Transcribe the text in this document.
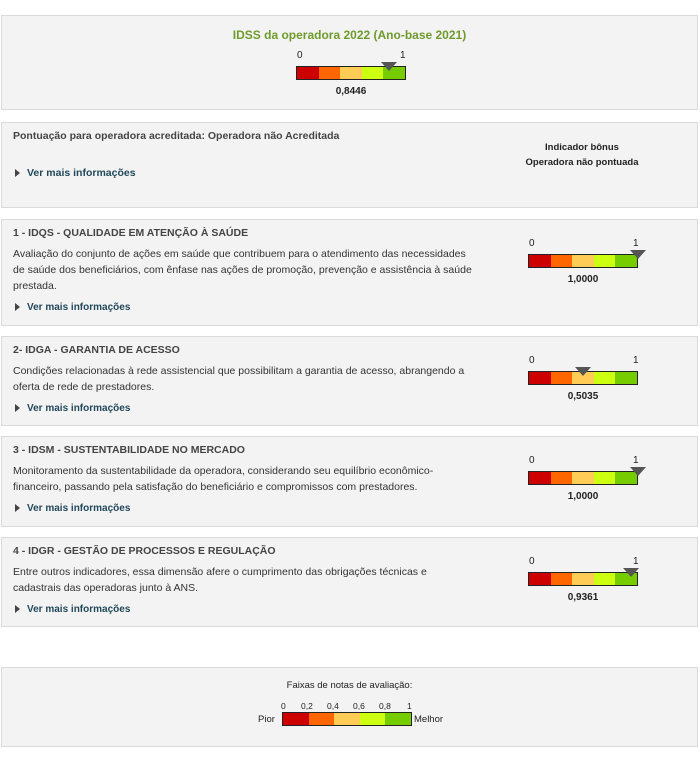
IDSS da operadora 2022 (Ano-base 2021)
0	1
0,8446
Pontuação para operadora acreditada: Operadora não Acreditada
Ver mais informações
Indicador bônus
Operadora não pontuada
1 - IDQS - QUALIDADE EM ATENÇÃO À SAÚDE
Avaliação do conjunto de ações em saúde que contribuem para o atendimento das necessidades de saúde dos beneficiários, com ênfase nas ações de promoção, prevenção e assistência à saúde prestada.
Ver mais informações
0	1
1,0000
2- IDGA - GARANTIA DE ACESSO
Condições relacionadas à rede assistencial que possibilitam a garantia de acesso, abrangendo a oferta de rede de prestadores.
Ver mais informações
0	1
0,5035
3 - IDSM - SUSTENTABILIDADE NO MERCADO
Monitoramento da sustentabilidade da operadora, considerando seu equilíbrio econômico-financeiro, passando pela satisfação do beneficiário e compromissos com prestadores.
Ver mais informações
0	1
1,0000
4 - IDGR - GESTÃO DE PROCESSOS E REGULAÇÃO
Entre outros indicadores, essa dimensão afere o cumprimento das obrigações técnicas e cadastrais das operadoras junto à ANS.
Ver mais informações
0	1
0,9361
Faixas de notas de avaliação:
0 0,2 0,4 0,6 0,8 1
Pior	Melhor
